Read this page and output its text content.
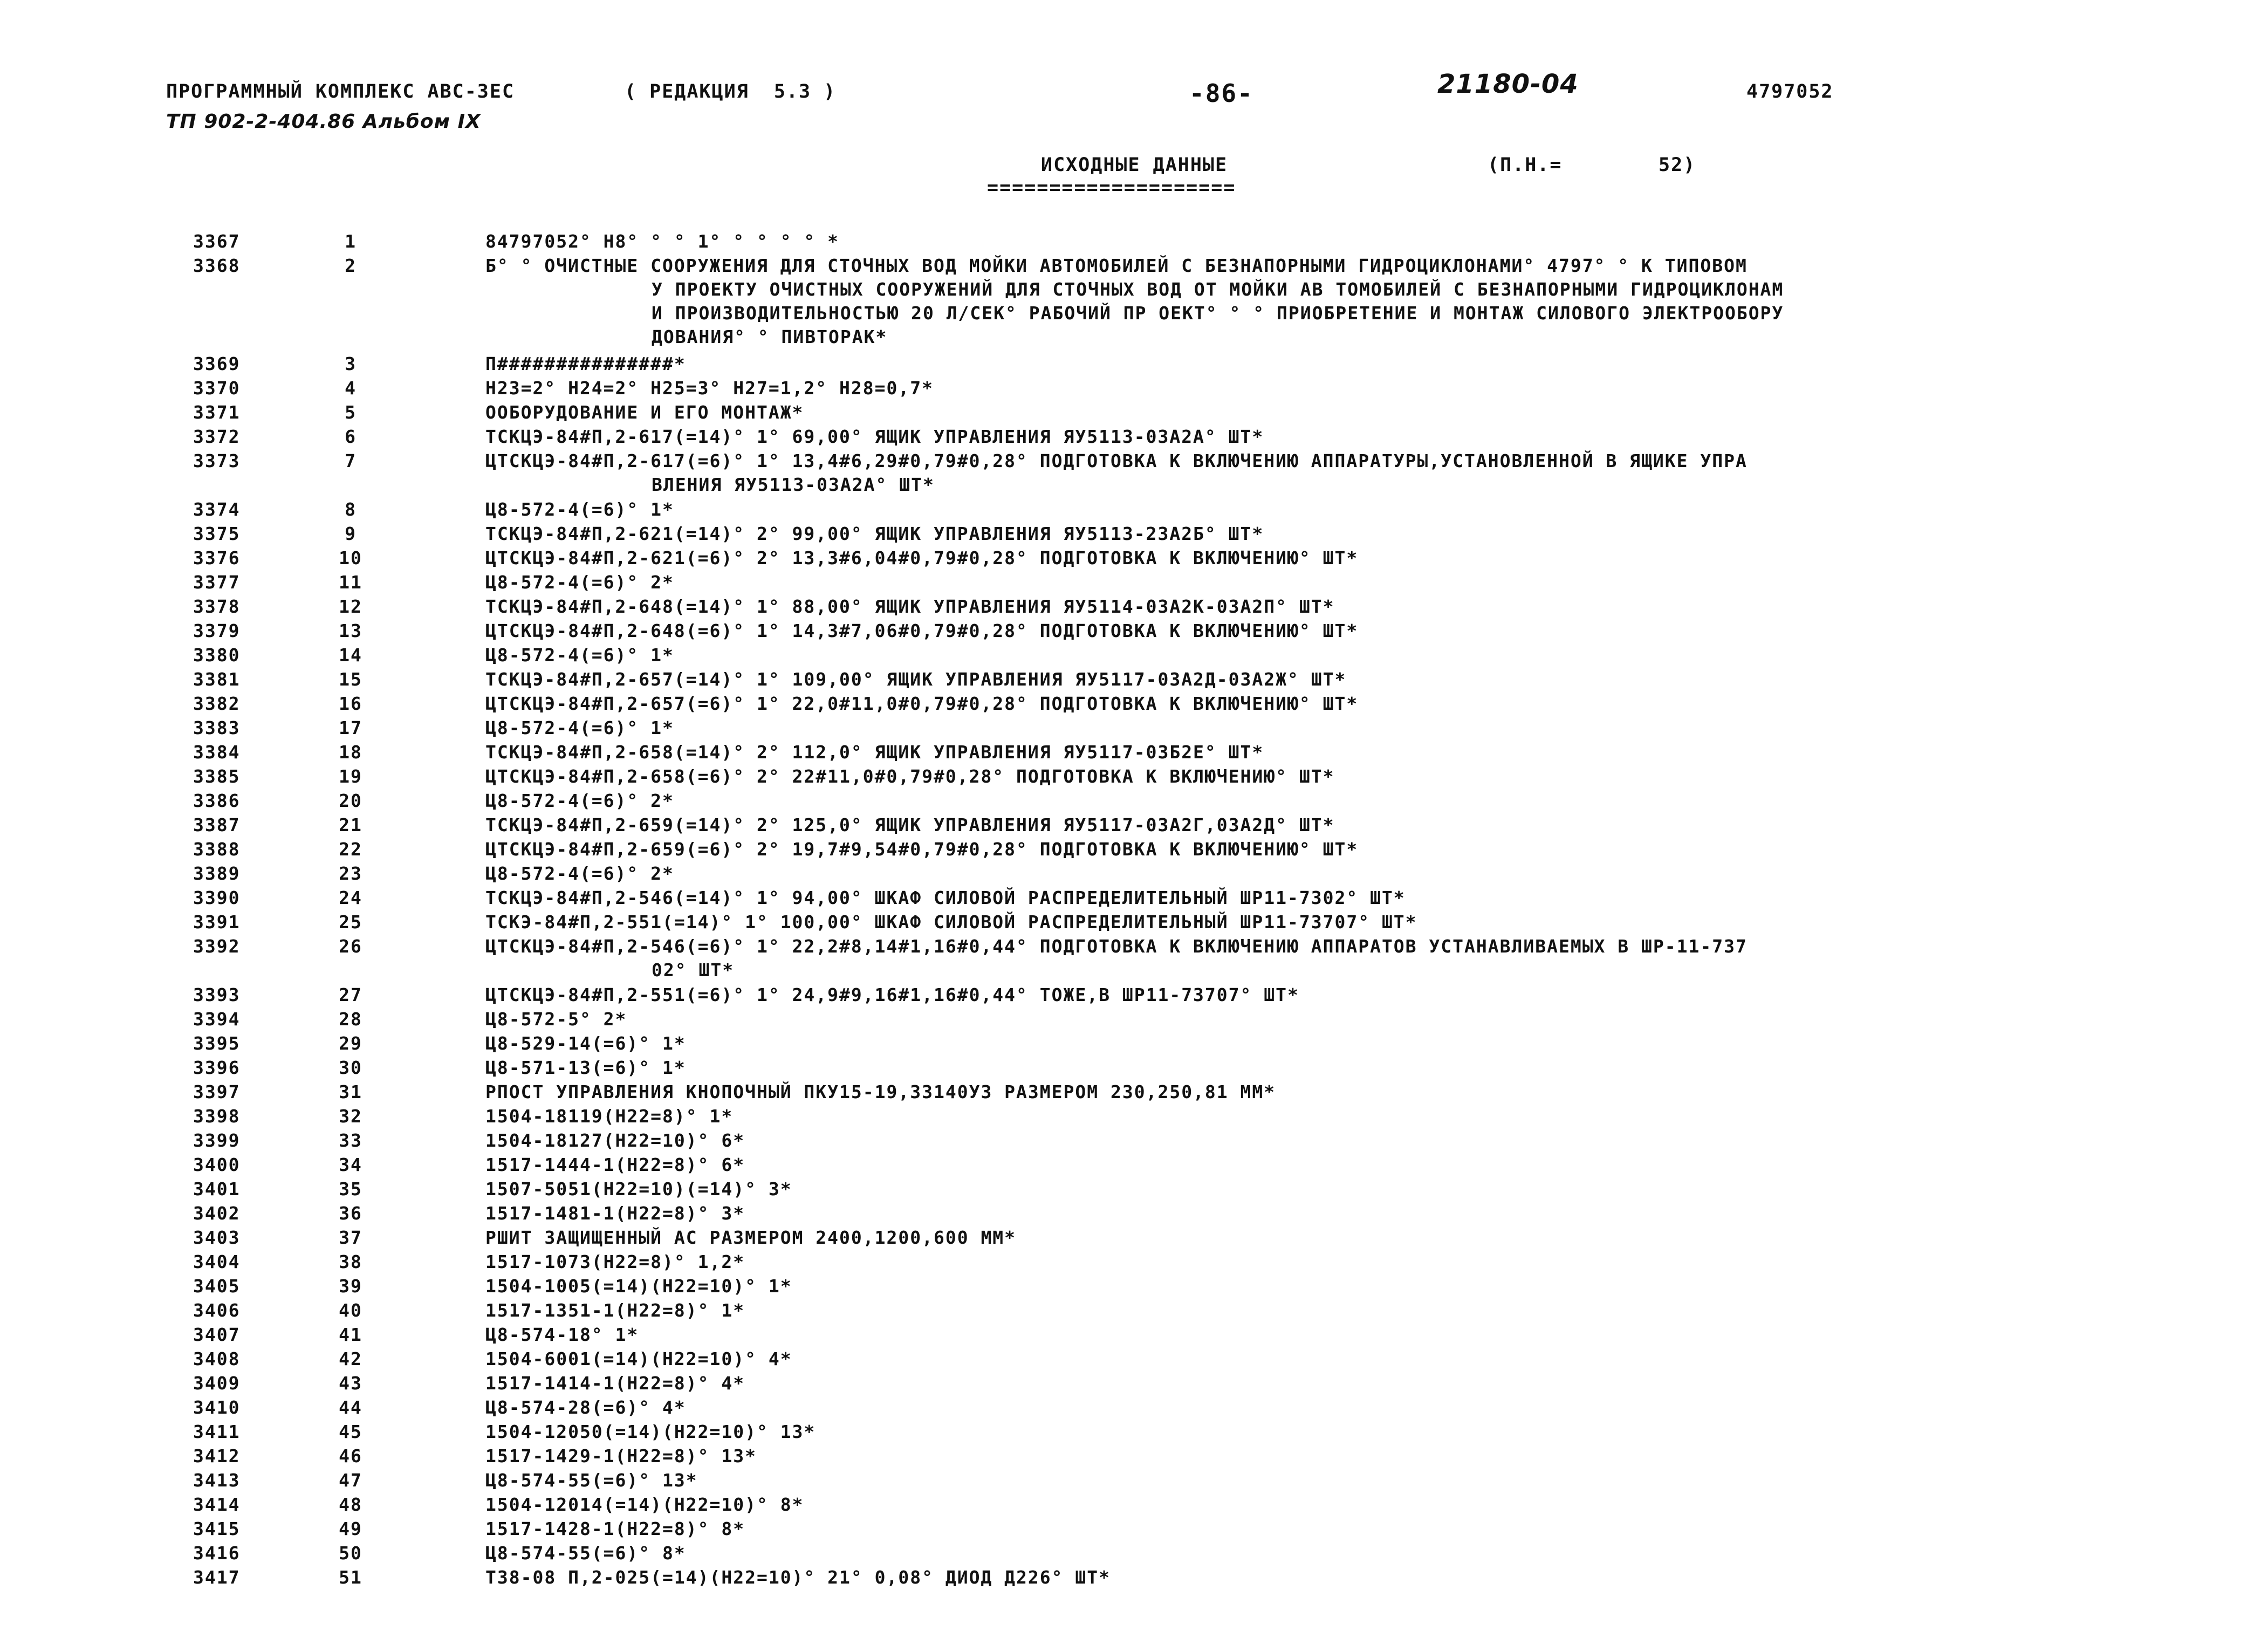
ПРОГРАММНЫЙ КОМПЛЕКС АВС-3ЕС	( РЕДАКЦИЯ  5.3 )	-86-	21180-04	4797052
ТП 902-2-404.86 Альбом IX
ИСХОДНЫЕ ДАННЫЕ
====================
(П.Н.=	52)
3367	1	84797052° Н8° ° ° 1° ° ° ° ° *
3368	2	Б° ° ОЧИСТНЫЕ СООРУЖЕНИЯ ДЛЯ СТОЧНЫХ ВОД МОЙКИ АВТОМОБИЛЕЙ С БЕЗНАПОРНЫМИ ГИДРОЦИКЛОНАМИ° 4797° ° К ТИПОВОМ
У ПРОЕКТУ ОЧИСТНЫХ СООРУЖЕНИЙ ДЛЯ СТОЧНЫХ ВОД ОТ МОЙКИ АВ ТОМОБИЛЕЙ С БЕЗНАПОРНЫМИ ГИДРОЦИКЛОНАМ
И ПРОИЗВОДИТЕЛЬНОСТЬЮ 20 Л/СЕК° РАБОЧИЙ ПР ОЕКТ° ° ° ПРИОБРЕТЕНИЕ И МОНТАЖ СИЛОВОГО ЭЛЕКТРООБОРУ
ДОВАНИЯ° ° ПИВТОРАК*
3369	3	П###############*
3370	4	Н23=2° Н24=2° Н25=3° Н27=1,2° Н28=0,7*
3371	5	ООБОРУДОВАНИЕ И ЕГО МОНТАЖ*
3372	6	ТСКЦЭ-84#П,2-617(=14)° 1° 69,00° ЯЩИК УПРАВЛЕНИЯ ЯУ5113-03А2А° ШТ*
3373	7	ЦТСКЦЭ-84#П,2-617(=6)° 1° 13,4#6,29#0,79#0,28° ПОДГОТОВКА К ВКЛЮЧЕНИЮ АППАРАТУРЫ,УСТАНОВЛЕННОЙ В ЯЩИКЕ УПРА
ВЛЕНИЯ ЯУ5113-03А2А° ШТ*
3374	8	Ц8-572-4(=6)° 1*
3375	9	ТСКЦЭ-84#П,2-621(=14)° 2° 99,00° ЯЩИК УПРАВЛЕНИЯ ЯУ5113-23А2Б° ШТ*
3376	10	ЦТСКЦЭ-84#П,2-621(=6)° 2° 13,3#6,04#0,79#0,28° ПОДГОТОВКА К ВКЛЮЧЕНИЮ° ШТ*
3377	11	Ц8-572-4(=6)° 2*
3378	12	ТСКЦЭ-84#П,2-648(=14)° 1° 88,00° ЯЩИК УПРАВЛЕНИЯ ЯУ5114-03А2К-03А2П° ШТ*
3379	13	ЦТСКЦЭ-84#П,2-648(=6)° 1° 14,3#7,06#0,79#0,28° ПОДГОТОВКА К ВКЛЮЧЕНИЮ° ШТ*
3380	14	Ц8-572-4(=6)° 1*
3381	15	ТСКЦЭ-84#П,2-657(=14)° 1° 109,00° ЯЩИК УПРАВЛЕНИЯ ЯУ5117-03А2Д-03А2Ж° ШТ*
3382	16	ЦТСКЦЭ-84#П,2-657(=6)° 1° 22,0#11,0#0,79#0,28° ПОДГОТОВКА К ВКЛЮЧЕНИЮ° ШТ*
3383	17	Ц8-572-4(=6)° 1*
3384	18	ТСКЦЭ-84#П,2-658(=14)° 2° 112,0° ЯЩИК УПРАВЛЕНИЯ ЯУ5117-03Б2Е° ШТ*
3385	19	ЦТСКЦЭ-84#П,2-658(=6)° 2° 22#11,0#0,79#0,28° ПОДГОТОВКА К ВКЛЮЧЕНИЮ° ШТ*
3386	20	Ц8-572-4(=6)° 2*
3387	21	ТСКЦЭ-84#П,2-659(=14)° 2° 125,0° ЯЩИК УПРАВЛЕНИЯ ЯУ5117-03А2Г,03А2Д° ШТ*
3388	22	ЦТСКЦЭ-84#П,2-659(=6)° 2° 19,7#9,54#0,79#0,28° ПОДГОТОВКА К ВКЛЮЧЕНИЮ° ШТ*
3389	23	Ц8-572-4(=6)° 2*
3390	24	ТСКЦЭ-84#П,2-546(=14)° 1° 94,00° ШКАФ СИЛОВОЙ РАСПРЕДЕЛИТЕЛЬНЫЙ ШР11-7302° ШТ*
3391	25	ТСКЭ-84#П,2-551(=14)° 1° 100,00° ШКАФ СИЛОВОЙ РАСПРЕДЕЛИТЕЛЬНЫЙ ШР11-73707° ШТ*
3392	26	ЦТСКЦЭ-84#П,2-546(=6)° 1° 22,2#8,14#1,16#0,44° ПОДГОТОВКА К ВКЛЮЧЕНИЮ АППАРАТОВ УСТАНАВЛИВАЕМЫХ В ШР-11-737
02° ШТ*
3393	27	ЦТСКЦЭ-84#П,2-551(=6)° 1° 24,9#9,16#1,16#0,44° ТОЖЕ,В ШР11-73707° ШТ*
3394	28	Ц8-572-5° 2*
3395	29	Ц8-529-14(=6)° 1*
3396	30	Ц8-571-13(=6)° 1*
3397	31	РПОСТ УПРАВЛЕНИЯ КНОПОЧНЫЙ ПКУ15-19,33140У3 РАЗМЕРОМ 230,250,81 ММ*
3398	32	1504-18119(Н22=8)° 1*
3399	33	1504-18127(Н22=10)° 6*
3400	34	1517-1444-1(Н22=8)° 6*
3401	35	1507-5051(Н22=10)(=14)° 3*
3402	36	1517-1481-1(Н22=8)° 3*
3403	37	РШИТ ЗАЩИЩЕННЫЙ АС РАЗМЕРОМ 2400,1200,600 ММ*
3404	38	1517-1073(Н22=8)° 1,2*
3405	39	1504-1005(=14)(Н22=10)° 1*
3406	40	1517-1351-1(Н22=8)° 1*
3407	41	Ц8-574-18° 1*
3408	42	1504-6001(=14)(Н22=10)° 4*
3409	43	1517-1414-1(Н22=8)° 4*
3410	44	Ц8-574-28(=6)° 4*
3411	45	1504-12050(=14)(Н22=10)° 13*
3412	46	1517-1429-1(Н22=8)° 13*
3413	47	Ц8-574-55(=6)° 13*
3414	48	1504-12014(=14)(Н22=10)° 8*
3415	49	1517-1428-1(Н22=8)° 8*
3416	50	Ц8-574-55(=6)° 8*
3417	51	Т38-08 П,2-025(=14)(Н22=10)° 21° 0,08° ДИОД Д226° ШТ*
